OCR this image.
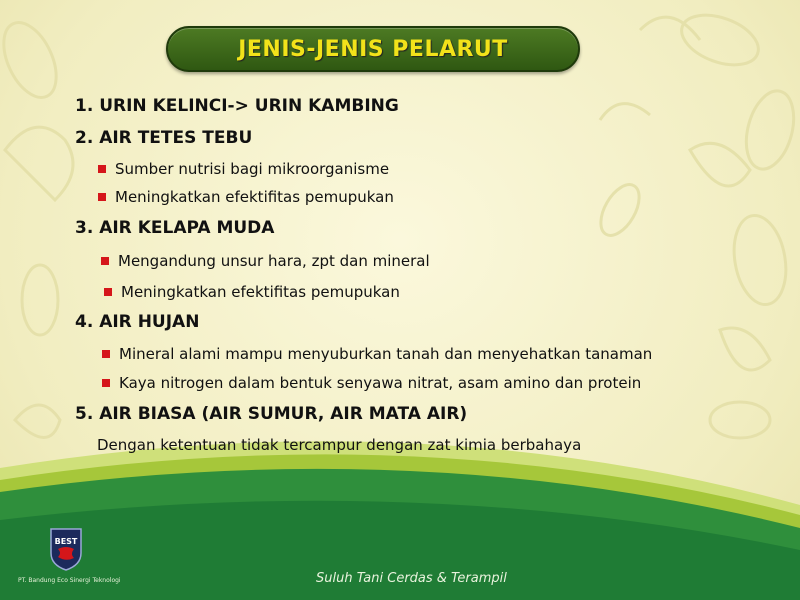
JENIS-JENIS PELARUT
1. URIN KELINCI-> URIN KAMBING
2. AIR TETES TEBU
Sumber nutrisi bagi mikroorganisme
Meningkatkan efektifitas pemupukan
3. AIR KELAPA MUDA
Mengandung unsur hara, zpt dan mineral
Meningkatkan efektifitas pemupukan
4. AIR HUJAN
Mineral alami mampu menyuburkan tanah dan menyehatkan tanaman
Kaya nitrogen dalam bentuk senyawa nitrat, asam amino dan protein
5. AIR BIASA (AIR SUMUR, AIR MATA AIR)
Dengan ketentuan tidak tercampur dengan zat kimia berbahaya
BEST
PT. Bandung Eco Sinergi Teknologi	Suluh Tani Cerdas & Terampil
